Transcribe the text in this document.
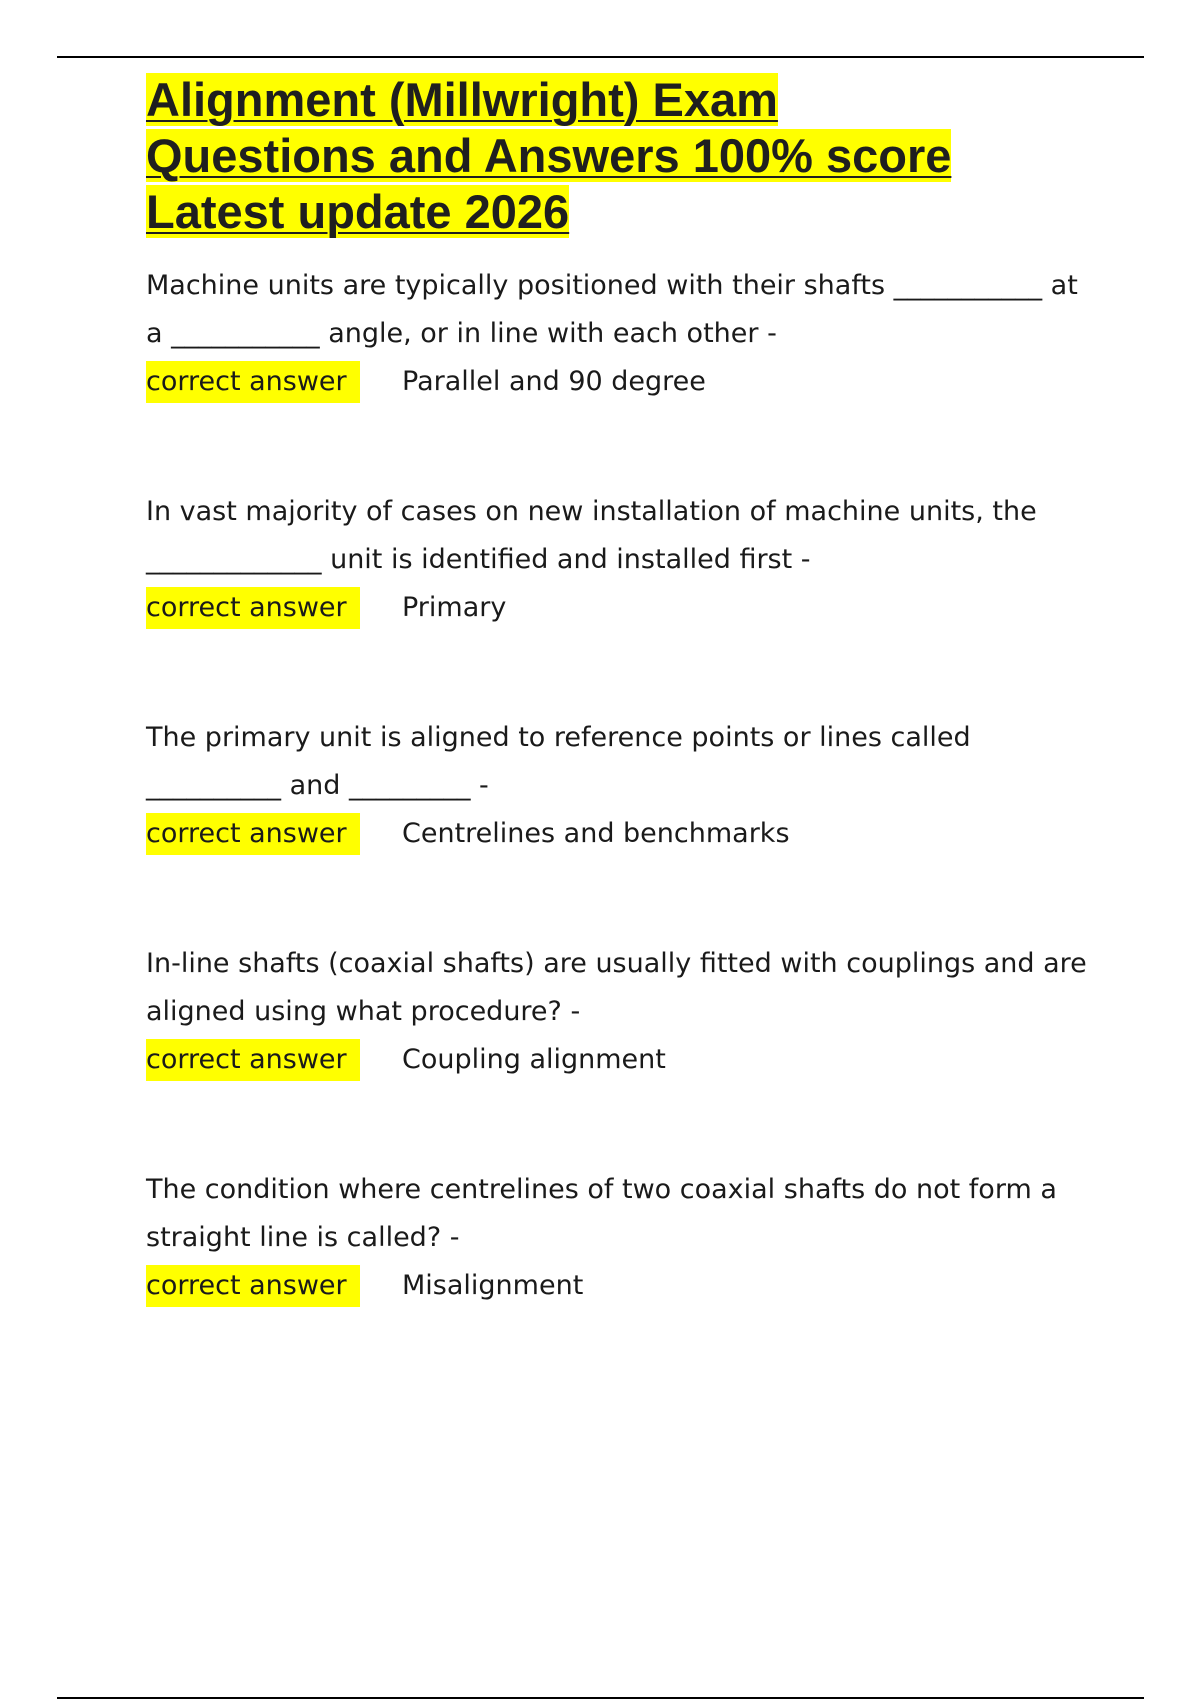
Alignment (Millwright) Exam
Questions and Answers 100% score
Latest update 2026

Machine units are typically positioned with their shafts ___________ at a ___________ angle, or in line with each other -

correct answer	Parallel and 90 degree

In vast majority of cases on new installation of machine units, the _____________ unit is identified and installed first -

correct answer	Primary

The primary unit is aligned to reference points or lines called __________ and _________ -

correct answer	Centrelines and benchmarks

In-line shafts (coaxial shafts) are usually fitted with couplings and are aligned using what procedure? -

correct answer	Coupling alignment

The condition where centrelines of two coaxial shafts do not form a straight line is called? -

correct answer	Misalignment
